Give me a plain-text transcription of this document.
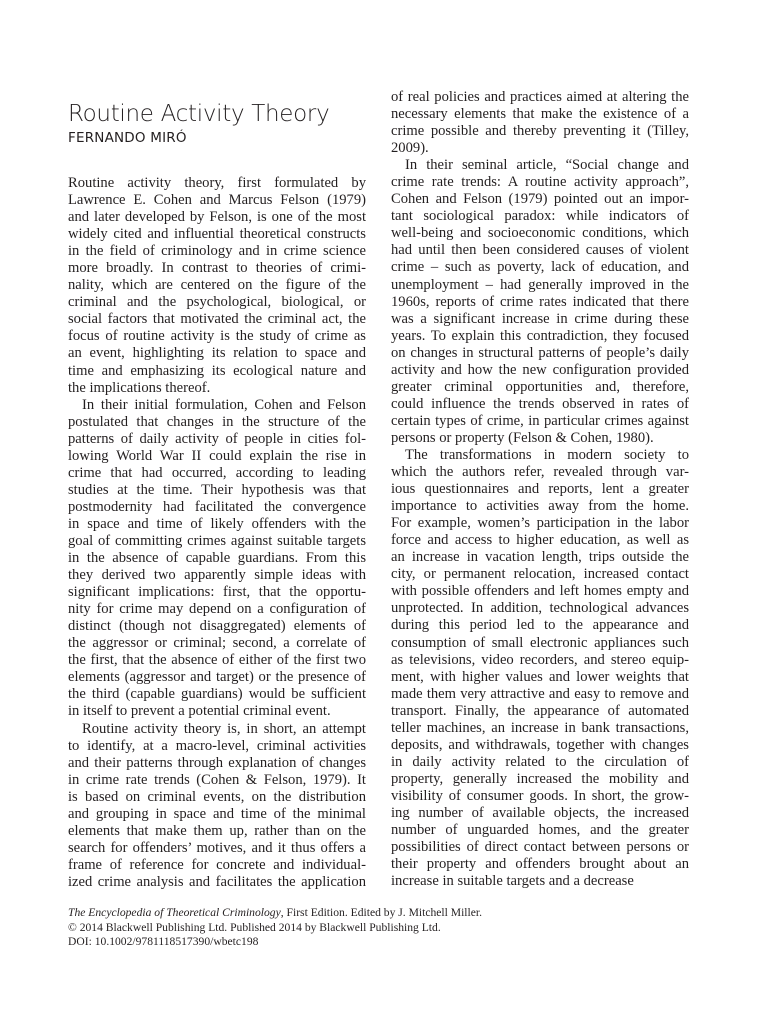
Routine Activity Theory
FERNANDO MIRÓ
Routine activity theory, first formulated by
Lawrence E. Cohen and Marcus Felson (1979)
and later developed by Felson, is one of the most
widely cited and influential theoretical constructs
in the field of criminology and in crime science
more broadly. In contrast to theories of crimi-
nality, which are centered on the figure of the
criminal and the psychological, biological, or
social factors that motivated the criminal act, the
focus of routine activity is the study of crime as
an event, highlighting its relation to space and
time and emphasizing its ecological nature and
the implications thereof.
In their initial formulation, Cohen and Felson
postulated that changes in the structure of the
patterns of daily activity of people in cities fol-
lowing World War II could explain the rise in
crime that had occurred, according to leading
studies at the time. Their hypothesis was that
postmodernity had facilitated the convergence
in space and time of likely offenders with the
goal of committing crimes against suitable targets
in the absence of capable guardians. From this
they derived two apparently simple ideas with
significant implications: first, that the opportu-
nity for crime may depend on a configuration of
distinct (though not disaggregated) elements of
the aggressor or criminal; second, a correlate of
the first, that the absence of either of the first two
elements (aggressor and target) or the presence of
the third (capable guardians) would be sufficient
in itself to prevent a potential criminal event.
Routine activity theory is, in short, an attempt
to identify, at a macro-level, criminal activities
and their patterns through explanation of changes
in crime rate trends (Cohen & Felson, 1979). It
is based on criminal events, on the distribution
and grouping in space and time of the minimal
elements that make them up, rather than on the
search for offenders’ motives, and it thus offers a
frame of reference for concrete and individual-
ized crime analysis and facilitates the application
of real policies and practices aimed at altering the
necessary elements that make the existence of a
crime possible and thereby preventing it (Tilley,
2009).
In their seminal article, “Social change and
crime rate trends: A routine activity approach”,
Cohen and Felson (1979) pointed out an impor-
tant sociological paradox: while indicators of
well-being and socioeconomic conditions, which
had until then been considered causes of violent
crime – such as poverty, lack of education, and
unemployment – had generally improved in the
1960s, reports of crime rates indicated that there
was a significant increase in crime during these
years. To explain this contradiction, they focused
on changes in structural patterns of people’s daily
activity and how the new configuration provided
greater criminal opportunities and, therefore,
could influence the trends observed in rates of
certain types of crime, in particular crimes against
persons or property (Felson & Cohen, 1980).
The transformations in modern society to
which the authors refer, revealed through var-
ious questionnaires and reports, lent a greater
importance to activities away from the home.
For example, women’s participation in the labor
force and access to higher education, as well as
an increase in vacation length, trips outside the
city, or permanent relocation, increased contact
with possible offenders and left homes empty and
unprotected. In addition, technological advances
during this period led to the appearance and
consumption of small electronic appliances such
as televisions, video recorders, and stereo equip-
ment, with higher values and lower weights that
made them very attractive and easy to remove and
transport. Finally, the appearance of automated
teller machines, an increase in bank transactions,
deposits, and withdrawals, together with changes
in daily activity related to the circulation of
property, generally increased the mobility and
visibility of consumer goods. In short, the grow-
ing number of available objects, the increased
number of unguarded homes, and the greater
possibilities of direct contact between persons or
their property and offenders brought about an
increase in suitable targets and a decrease
The Encyclopedia of Theoretical Criminology, First Edition. Edited by J. Mitchell Miller.
© 2014 Blackwell Publishing Ltd. Published 2014 by Blackwell Publishing Ltd.
DOI: 10.1002/9781118517390/wbetc198
